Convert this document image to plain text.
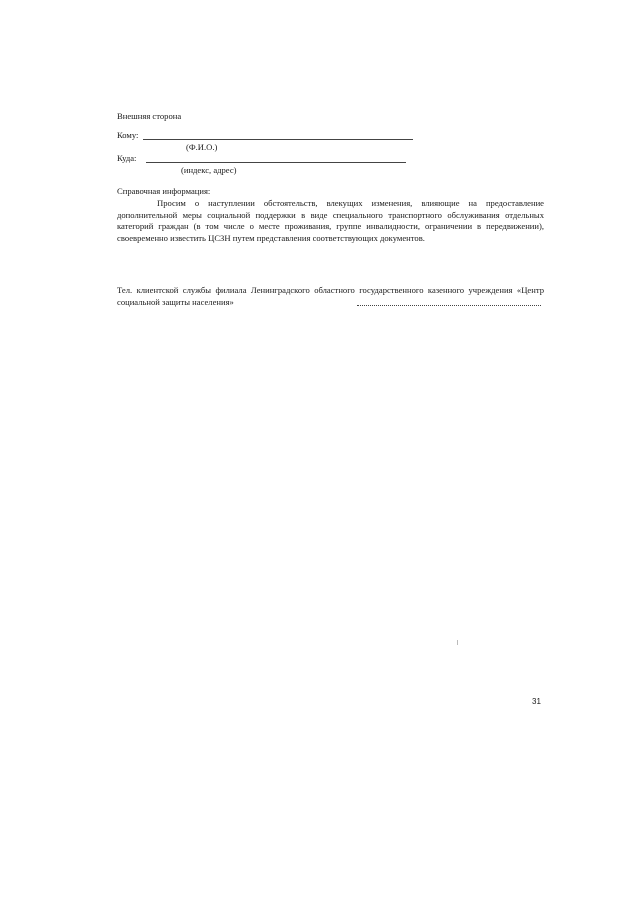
Внешняя сторона
Кому:
(Ф.И.О.)
Куда:
(индекс, адрес)
Справочная информация:
Просим о наступлении обстоятельств, влекущих изменения, влияющие на предоставление дополнительной меры социальной поддержки в виде специального транспортного обслуживания отдельных категорий граждан (в том числе о месте проживания, группе инвалидности, ограничении в передвижении), своевременно известить ЦСЗН путем представления соответствующих документов.
Тел. клиентской службы филиала Ленинградского областного государственного казенного учреждения «Центр социальной защиты населения»
31
